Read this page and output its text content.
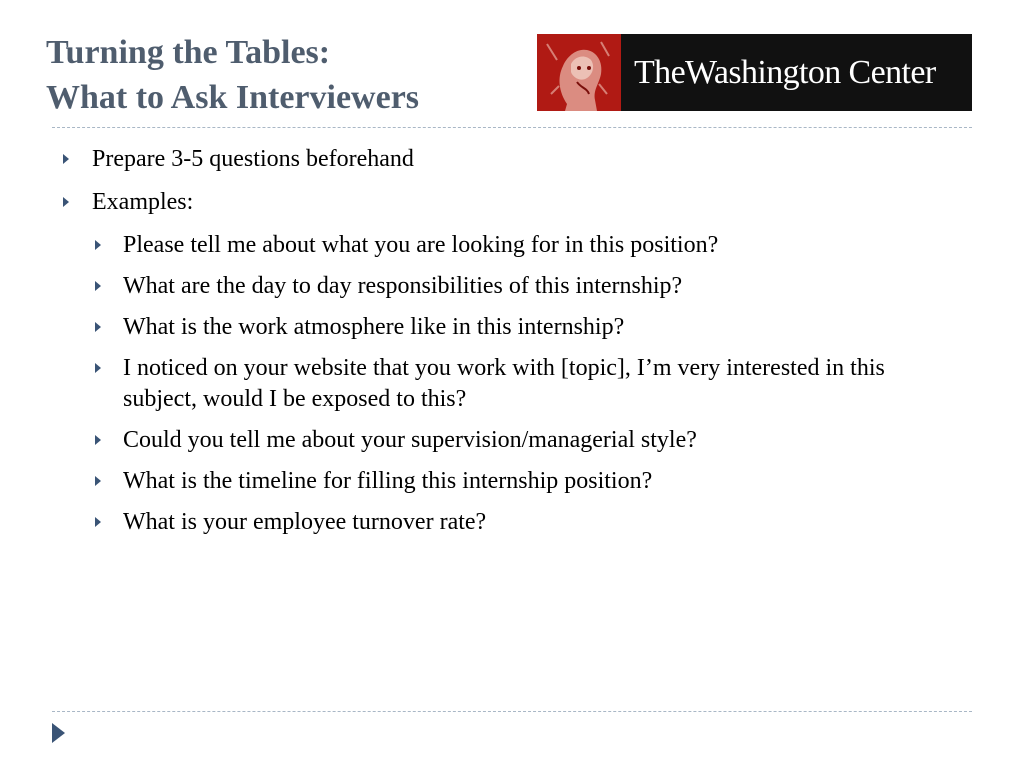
Turning the Tables:
What to Ask Interviewers
TheWashington Center
Prepare 3-5 questions beforehand
Examples:
Please tell me about what you are looking for in this position?
What are the day to day responsibilities of this internship?
What is the work atmosphere like in this internship?
I noticed on your website that you work with [topic], I’m very interested in this subject, would I be exposed to this?
Could you tell me about your supervision/managerial style?
What is the timeline for filling this internship position?
What is your employee turnover rate?
